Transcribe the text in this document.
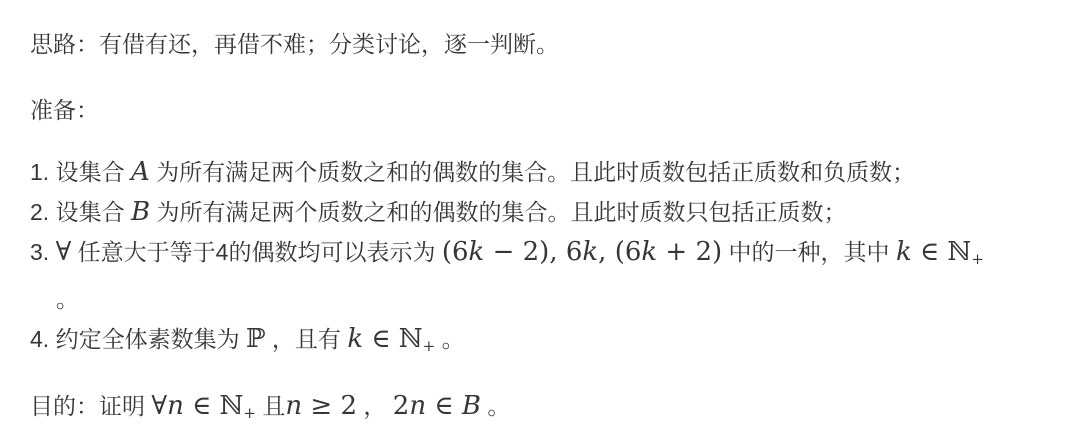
思路：有借有还，再借不难；分类讨论，逐一判断。

准备：

1. 设集合 A 为所有满足两个质数之和的偶数的集合。且此时质数包括正质数和负质数；

2. 设集合 B 为所有满足两个质数之和的偶数的集合。且此时质数只包括正质数；

3. ∀ 任意大于等于4的偶数均可以表示为 (6k − 2), 6k, (6k + 2) 中的一种，其中 k ∈ ℕ+

。

4. 约定全体素数集为 ℙ ，且有 k ∈ ℕ+ 。

目的：证明 ∀n ∈ ℕ+ 且n ≥ 2 ， 2n ∈ B 。
